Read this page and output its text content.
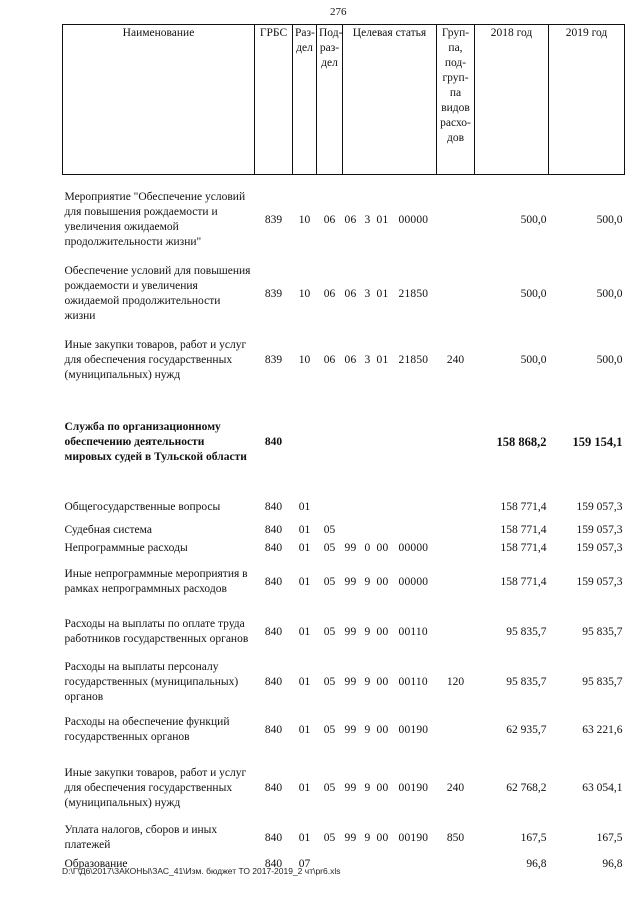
276
Наименование	ГРБС	Раз-дел	Под-раз-дел	Целевая статья	Груп-па, под-груп-па видов расхо-дов	2018 год	2019 год

Мероприятие "Обеспечение условий для повышения рождаемости и увеличения ожидаемой продолжительности жизни"	839	10	06	06 3 01 00000		500,0	500,0
Обеспечение условий для повышения рождаемости и увеличения ожидаемой продолжительности жизни	839	10	06	06 3 01 21850		500,0	500,0
Иные закупки товаров, работ и услуг для обеспечения государственных (муниципальных) нужд	839	10	06	06 3 01 21850	240	500,0	500,0

Служба по организационному обеспечению деятельности мировых судей в Тульской области	840					158 868,2	159 154,1

Общегосударственные вопросы	840	01				158 771,4	159 057,3
Судебная система	840	01	05			158 771,4	159 057,3
Непрограммные расходы	840	01	05	99 0 00 00000		158 771,4	159 057,3
Иные непрограммные мероприятия в рамках непрограммных расходов	840	01	05	99 9 00 00000		158 771,4	159 057,3
Расходы на выплаты по оплате труда работников государственных органов	840	01	05	99 9 00 00110		95 835,7	95 835,7
Расходы на выплаты персоналу государственных (муниципальных) органов	840	01	05	99 9 00 00110	120	95 835,7	95 835,7

Расходы на обеспечение функций государственных органов	840	01	05	99 9 00 00190		62 935,7	63 221,6

Иные закупки товаров, работ и услуг для обеспечения государственных (муниципальных) нужд	840	01	05	99 9 00 00190	240	62 768,2	63 054,1
Уплата налогов, сборов и иных платежей	840	01	05	99 9 00 00190	850	167,5	167,5
Образование	840	07				96,8	96,8
D:\Г\Д6\2017\ЗАКОНЫ\ЗАС_41\Изм. бюджет ТО 2017-2019_2 чт\pr6.xls
